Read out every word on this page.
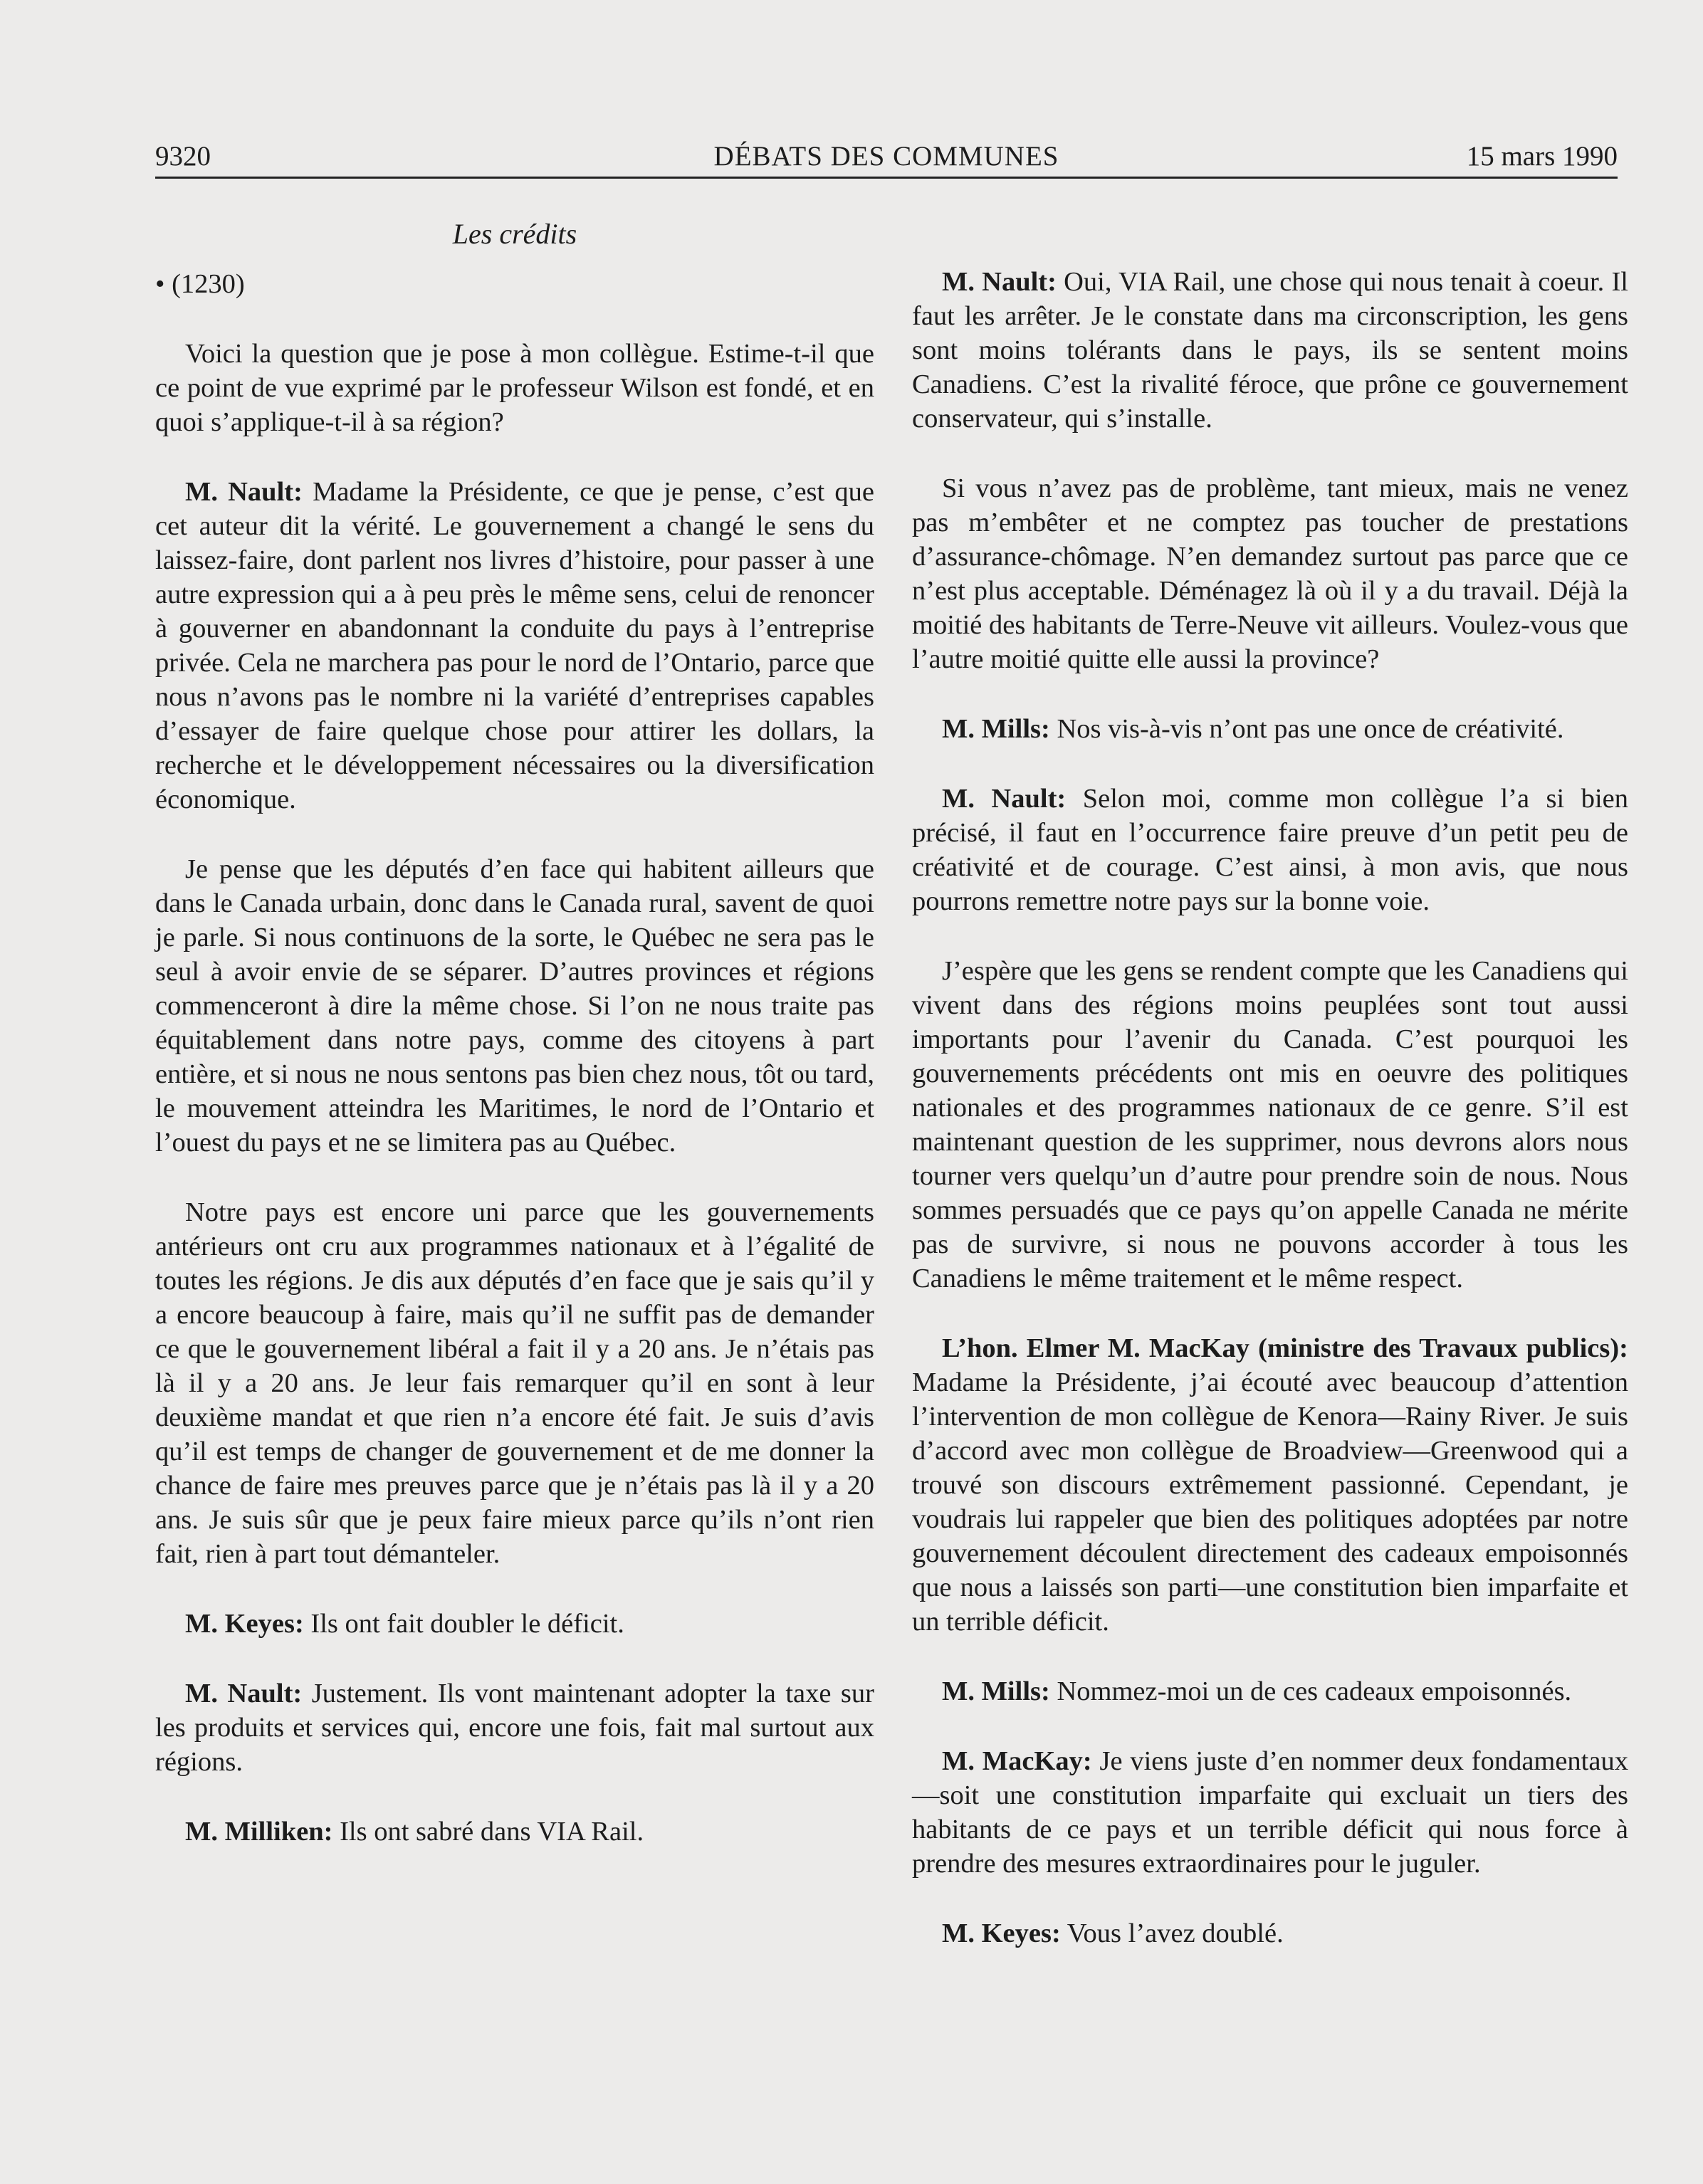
9320	DÉBATS DES COMMUNES	15 mars 1990
Les crédits

• (1230)

Voici la question que je pose à mon collègue. Estime-t-il que ce point de vue exprimé par le professeur Wilson est fondé, et en quoi s’applique-t-il à sa région?

M. Nault: Madame la Présidente, ce que je pense, c’est que cet auteur dit la vérité. Le gouvernement a changé le sens du laissez-faire, dont parlent nos livres d’histoire, pour passer à une autre expression qui a à peu près le même sens, celui de renoncer à gouverner en abandonnant la conduite du pays à l’entreprise privée. Cela ne marchera pas pour le nord de l’Ontario, parce que nous n’avons pas le nombre ni la variété d’entreprises capables d’essayer de faire quelque chose pour attirer les dollars, la recherche et le développement nécessaires ou la diversification économique.

Je pense que les députés d’en face qui habitent ailleurs que dans le Canada urbain, donc dans le Canada rural, savent de quoi je parle. Si nous continuons de la sorte, le Québec ne sera pas le seul à avoir envie de se séparer. D’autres provinces et régions commenceront à dire la même chose. Si l’on ne nous traite pas équitablement dans notre pays, comme des citoyens à part entière, et si nous ne nous sentons pas bien chez nous, tôt ou tard, le mouvement atteindra les Maritimes, le nord de l’Ontario et l’ouest du pays et ne se limitera pas au Québec.

Notre pays est encore uni parce que les gouvernements antérieurs ont cru aux programmes nationaux et à l’égalité de toutes les régions. Je dis aux députés d’en face que je sais qu’il y a encore beaucoup à faire, mais qu’il ne suffit pas de demander ce que le gouvernement libéral a fait il y a 20 ans. Je n’étais pas là il y a 20 ans. Je leur fais remarquer qu’il en sont à leur deuxième mandat et que rien n’a encore été fait. Je suis d’avis qu’il est temps de changer de gouvernement et de me donner la chance de faire mes preuves parce que je n’étais pas là il y a 20 ans. Je suis sûr que je peux faire mieux parce qu’ils n’ont rien fait, rien à part tout démanteler.

M. Keyes: Ils ont fait doubler le déficit.

M. Nault: Justement. Ils vont maintenant adopter la taxe sur les produits et services qui, encore une fois, fait mal surtout aux régions.

M. Milliken: Ils ont sabré dans VIA Rail.

M. Nault: Oui, VIA Rail, une chose qui nous tenait à coeur. Il faut les arrêter. Je le constate dans ma circonscription, les gens sont moins tolérants dans le pays, ils se sentent moins Canadiens. C’est la rivalité féroce, que prône ce gouvernement conservateur, qui s’installe.

Si vous n’avez pas de problème, tant mieux, mais ne venez pas m’embêter et ne comptez pas toucher de prestations d’assurance-chômage. N’en demandez surtout pas parce que ce n’est plus acceptable. Déménagez là où il y a du travail. Déjà la moitié des habitants de Terre-Neuve vit ailleurs. Voulez-vous que l’autre moitié quitte elle aussi la province?

M. Mills: Nos vis-à-vis n’ont pas une once de créativité.

M. Nault: Selon moi, comme mon collègue l’a si bien précisé, il faut en l’occurrence faire preuve d’un petit peu de créativité et de courage. C’est ainsi, à mon avis, que nous pourrons remettre notre pays sur la bonne voie.

J’espère que les gens se rendent compte que les Canadiens qui vivent dans des régions moins peuplées sont tout aussi importants pour l’avenir du Canada. C’est pourquoi les gouvernements précédents ont mis en oeuvre des politiques nationales et des programmes nationaux de ce genre. S’il est maintenant question de les supprimer, nous devrons alors nous tourner vers quelqu’un d’autre pour prendre soin de nous. Nous sommes persuadés que ce pays qu’on appelle Canada ne mérite pas de survivre, si nous ne pouvons accorder à tous les Canadiens le même traitement et le même respect.

L’hon. Elmer M. MacKay (ministre des Travaux publics): Madame la Présidente, j’ai écouté avec beaucoup d’attention l’intervention de mon collègue de Kenora—Rainy River. Je suis d’accord avec mon collègue de Broadview—Greenwood qui a trouvé son discours extrêmement passionné. Cependant, je voudrais lui rappeler que bien des politiques adoptées par notre gouvernement découlent directement des cadeaux empoisonnés que nous a laissés son parti—une constitution bien imparfaite et un terrible déficit.

M. Mills: Nommez-moi un de ces cadeaux empoisonnés.

M. MacKay: Je viens juste d’en nommer deux fondamentaux—soit une constitution imparfaite qui excluait un tiers des habitants de ce pays et un terrible déficit qui nous force à prendre des mesures extraordinaires pour le juguler.

M. Keyes: Vous l’avez doublé.
